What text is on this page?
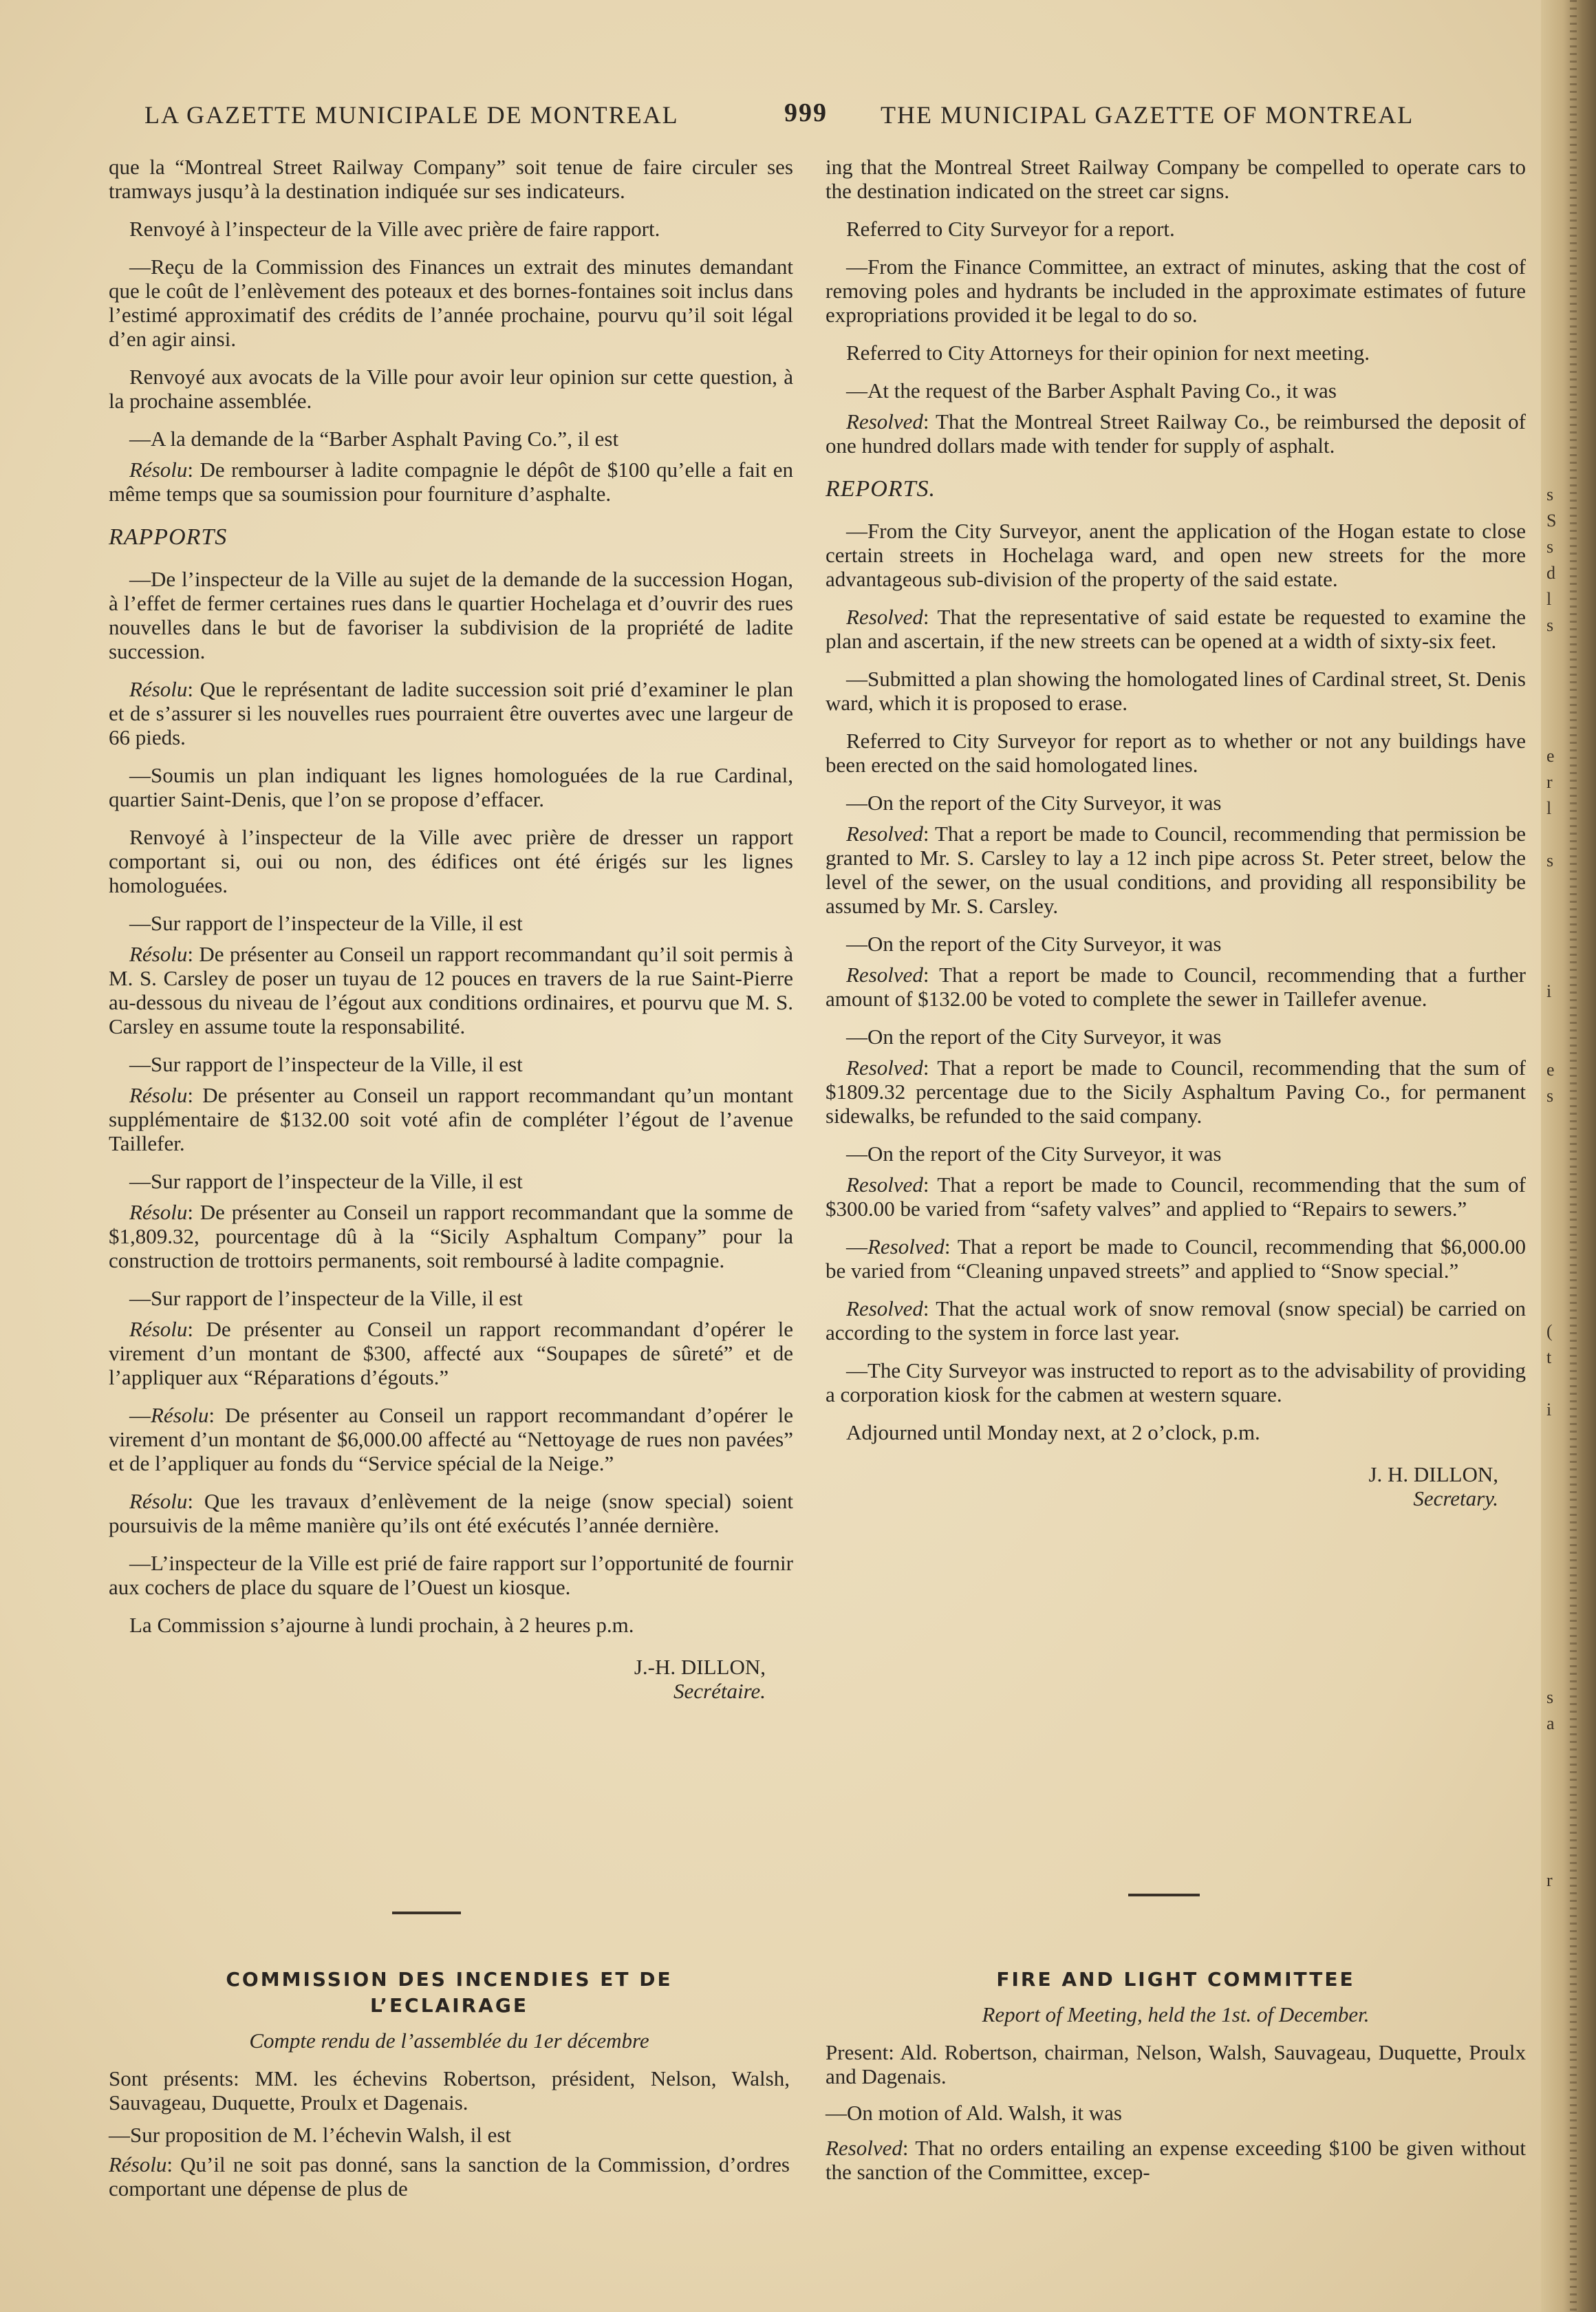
s
S
s
d
l
s

e
r
l

s

i

e
s

(
t

i

s
a

r
LA GAZETTE MUNICIPALE DE MONTREAL	999 THE MUNICIPAL GAZETTE OF MONTREAL

que la “Montreal Street Railway Company” soit tenue de faire circuler ses tramways jusqu’à la destination indiquée sur ses indicateurs.

Renvoyé à l’inspecteur de la Ville avec prière de faire rapport.

—Reçu de la Commission des Finances un extrait des minutes demandant que le coût de l’enlèvement des poteaux et des bornes-fontaines soit inclus dans l’estimé approximatif des crédits de l’année prochaine, pourvu qu’il soit légal d’en agir ainsi.

Renvoyé aux avocats de la Ville pour avoir leur opinion sur cette question, à la prochaine assemblée.

—A la demande de la “Barber Asphalt Paving Co.”, il est

Résolu: De rembourser à ladite compagnie le dépôt de $100 qu’elle a fait en même temps que sa soumission pour fourniture d’asphalte.

RAPPORTS

—De l’inspecteur de la Ville au sujet de la demande de la succession Hogan, à l’effet de fermer certaines rues dans le quartier Hochelaga et d’ouvrir des rues nouvelles dans le but de favoriser la subdivision de la propriété de ladite succession.

Résolu: Que le représentant de ladite succession soit prié d’examiner le plan et de s’assurer si les nouvelles rues pourraient être ouvertes avec une largeur de 66 pieds.

—Soumis un plan indiquant les lignes homologuées de la rue Cardinal, quartier Saint-Denis, que l’on se propose d’effacer.

Renvoyé à l’inspecteur de la Ville avec prière de dresser un rapport comportant si, oui ou non, des édifices ont été érigés sur les lignes homologuées.

—Sur rapport de l’inspecteur de la Ville, il est

Résolu: De présenter au Conseil un rapport recommandant qu’il soit permis à M. S. Carsley de poser un tuyau de 12 pouces en travers de la rue Saint-Pierre au-dessous du niveau de l’égout aux conditions ordinaires, et pourvu que M. S. Carsley en assume toute la responsabilité.

—Sur rapport de l’inspecteur de la Ville, il est

Résolu: De présenter au Conseil un rapport recommandant qu’un montant supplémentaire de $132.00 soit voté afin de compléter l’égout de l’avenue Taillefer.

—Sur rapport de l’inspecteur de la Ville, il est

Résolu: De présenter au Conseil un rapport recommandant que la somme de $1,809.32, pourcentage dû à la “Sicily Asphaltum Company” pour la construction de trottoirs permanents, soit remboursé à ladite compagnie.

—Sur rapport de l’inspecteur de la Ville, il est

Résolu: De présenter au Conseil un rapport recommandant d’opérer le virement d’un montant de $300, affecté aux “Soupapes de sûreté” et de l’appliquer aux “Réparations d’égouts.”

—Résolu: De présenter au Conseil un rapport recommandant d’opérer le virement d’un montant de $6,000.00 affecté au “Nettoyage de rues non pavées” et de l’appliquer au fonds du “Service spécial de la Neige.”

Résolu: Que les travaux d’enlèvement de la neige (snow special) soient poursuivis de la même manière qu’ils ont été exécutés l’année dernière.

—L’inspecteur de la Ville est prié de faire rapport sur l’opportunité de fournir aux cochers de place du square de l’Ouest un kiosque.

La Commission s’ajourne à lundi prochain, à 2 heures p.m.

J.-H. DILLON,
Secrétaire.

ing that the Montreal Street Railway Company be compelled to operate cars to the destination indicated on the street car signs.

Referred to City Surveyor for a report.

—From the Finance Committee, an extract of minutes, asking that the cost of removing poles and hydrants be included in the approximate estimates of future expropriations provided it be legal to do so.

Referred to City Attorneys for their opinion for next meeting.

—At the request of the Barber Asphalt Paving Co., it was

Resolved: That the Montreal Street Railway Co., be reimbursed the deposit of one hundred dollars made with tender for supply of asphalt.

REPORTS.

—From the City Surveyor, anent the application of the Hogan estate to close certain streets in Hochelaga ward, and open new streets for the more advantageous sub-division of the property of the said estate.

Resolved: That the representative of said estate be requested to examine the plan and ascertain, if the new streets can be opened at a width of sixty-six feet.

—Submitted a plan showing the homologated lines of Cardinal street, St. Denis ward, which it is proposed to erase.

Referred to City Surveyor for report as to whether or not any buildings have been erected on the said homologated lines.

—On the report of the City Surveyor, it was

Resolved: That a report be made to Council, recommending that permission be granted to Mr. S. Carsley to lay a 12 inch pipe across St. Peter street, below the level of the sewer, on the usual conditions, and providing all responsibility be assumed by Mr. S. Carsley.

—On the report of the City Surveyor, it was

Resolved: That a report be made to Council, recommending that a further amount of $132.00 be voted to complete the sewer in Taillefer avenue.

—On the report of the City Surveyor, it was

Resolved: That a report be made to Council, recommending that the sum of $1809.32 percentage due to the Sicily Asphaltum Paving Co., for permanent sidewalks, be refunded to the said company.

—On the report of the City Surveyor, it was

Resolved: That a report be made to Council, recommending that the sum of $300.00 be varied from “safety valves” and applied to “Repairs to sewers.”

—Resolved: That a report be made to Council, recommending that $6,000.00 be varied from “Cleaning unpaved streets” and applied to “Snow special.”

Resolved: That the actual work of snow removal (snow special) be carried on according to the system in force last year.

—The City Surveyor was instructed to report as to the advisability of providing a corporation kiosk for the cabmen at western square.

Adjourned until Monday next, at 2 o’clock, p.m.

J. H. DILLON,
Secretary.
COMMISSION DES INCENDIES ET DE
L’ECLAIRAGE
Compte rendu de l’assemblée du 1er décembre

Sont présents: MM. les échevins Robertson, président, Nelson, Walsh, Sauvageau, Duquette, Proulx et Dagenais.

—Sur proposition de M. l’échevin Walsh, il est

Résolu: Qu’il ne soit pas donné, sans la sanction de la Commission, d’ordres comportant une dépense de plus de

FIRE AND LIGHT COMMITTEE
Report of Meeting, held the 1st. of December.

Present: Ald. Robertson, chairman, Nelson, Walsh, Sauvageau, Duquette, Proulx and Dagenais.

—On motion of Ald. Walsh, it was

Resolved: That no orders entailing an expense exceeding $100 be given without the sanction of the Committee, excep-
